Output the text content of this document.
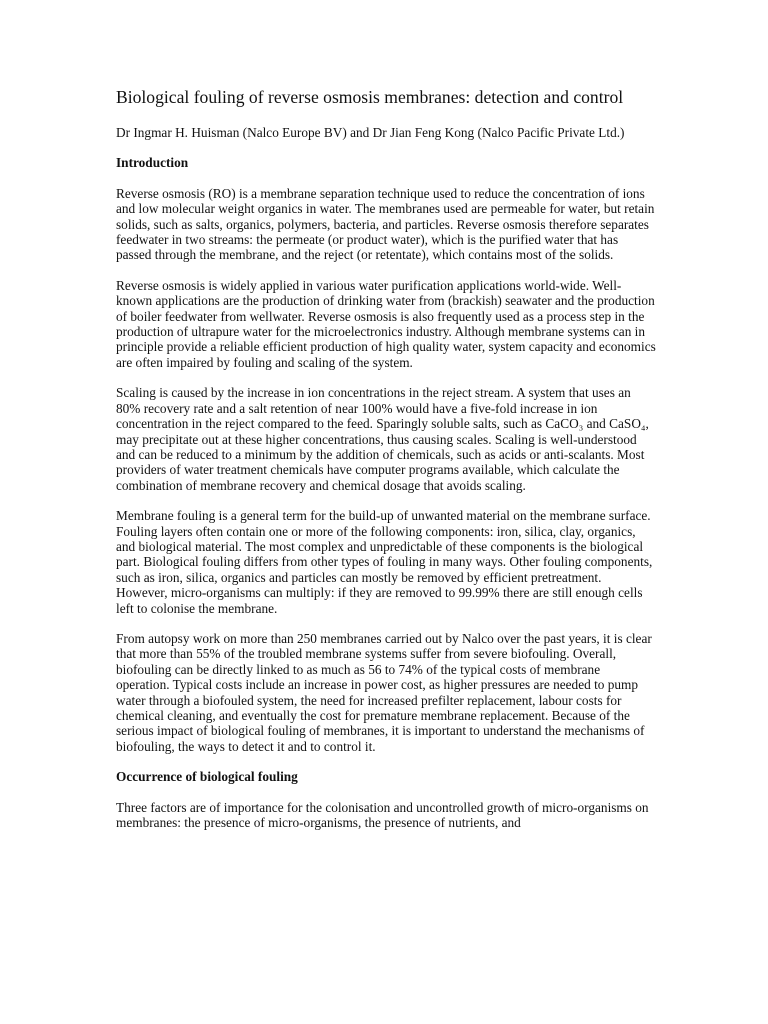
Biological fouling of reverse osmosis membranes: detection and control

Dr Ingmar H. Huisman (Nalco Europe BV) and Dr Jian Feng Kong (Nalco Pacific Private Ltd.)

Introduction

Reverse osmosis (RO) is a membrane separation technique used to reduce the concentration of ions and low molecular weight organics in water. The membranes used are permeable for water, but retain solids, such as salts, organics, polymers, bacteria, and particles. Reverse osmosis therefore separates feedwater in two streams: the permeate (or product water), which is the purified water that has passed through the membrane, and the reject (or retentate), which contains most of the solids.

Reverse osmosis is widely applied in various water purification applications world-wide. Well-known applications are the production of drinking water from (brackish) seawater and the production of boiler feedwater from wellwater. Reverse osmosis is also frequently used as a process step in the production of ultrapure water for the microelectronics industry. Although membrane systems can in principle provide a reliable efficient production of high quality water, system capacity and economics are often impaired by fouling and scaling of the system.

Scaling is caused by the increase in ion concentrations in the reject stream. A system that uses an 80% recovery rate and a salt retention of near 100% would have a five-fold increase in ion concentration in the reject compared to the feed. Sparingly soluble salts, such as CaCO₃ and CaSO₄, may precipitate out at these higher concentrations, thus causing scales. Scaling is well-understood and can be reduced to a minimum by the addition of chemicals, such as acids or anti-scalants. Most providers of water treatment chemicals have computer programs available, which calculate the combination of membrane recovery and chemical dosage that avoids scaling.

Membrane fouling is a general term for the build-up of unwanted material on the membrane surface. Fouling layers often contain one or more of the following components: iron, silica, clay, organics, and biological material. The most complex and unpredictable of these components is the biological part. Biological fouling differs from other types of fouling in many ways. Other fouling components, such as iron, silica, organics and particles can mostly be removed by efficient pretreatment. However, micro-organisms can multiply: if they are removed to 99.99% there are still enough cells left to colonise the membrane.

From autopsy work on more than 250 membranes carried out by Nalco over the past years, it is clear that more than 55% of the troubled membrane systems suffer from severe biofouling. Overall, biofouling can be directly linked to as much as 56 to 74% of the typical costs of membrane operation. Typical costs include an increase in power cost, as higher pressures are needed to pump water through a biofouled system, the need for increased prefilter replacement, labour costs for chemical cleaning, and eventually the cost for premature membrane replacement. Because of the serious impact of biological fouling of membranes, it is important to understand the mechanisms of biofouling, the ways to detect it and to control it.

Occurrence of biological fouling

Three factors are of importance for the colonisation and uncontrolled growth of micro-organisms on membranes: the presence of micro-organisms, the presence of nutrients, and
